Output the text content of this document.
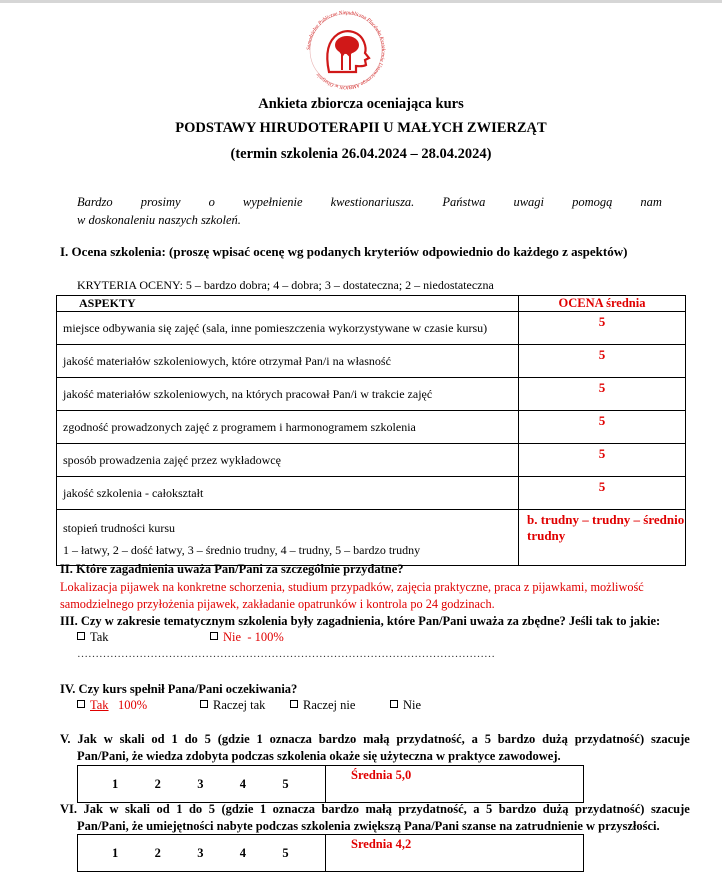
Samodzielne Publiczne Niepubliczna Placówka Kształcenia Ustawicznego AMBION w Olsztynie
Ankieta zbiorcza oceniająca kurs
PODSTAWY HIRUDOTERAPII U MAŁYCH ZWIERZĄT
(termin szkolenia 26.04.2024 – 28.04.2024)
Bardzo prosimy o wypełnienie kwestionariusza. Państwa uwagi pomogą nam
w doskonaleniu naszych szkoleń.
I. Ocena szkolenia: (proszę wpisać ocenę wg podanych kryteriów odpowiednio do każdego z aspektów)
KRYTERIA OCENY: 5 – bardzo dobra; 4 – dobra; 3 – dostateczna; 2 – niedostateczna
ASPEKTY	OCENA średnia
miejsce odbywania się zajęć (sala, inne pomieszczenia wykorzystywane w czasie kursu)	5
jakość materiałów szkoleniowych, które otrzymał Pan/i na własność	5
jakość materiałów szkoleniowych, na których pracował Pan/i w trakcie zajęć	5
zgodność prowadzonych zajęć z programem i harmonogramem szkolenia	5
sposób prowadzenia zajęć przez wykładowcę	5
jakość szkolenia - całokształt	5

stopień trudności kursu
1 – łatwy, 2 – dość łatwy, 3 – średnio trudny, 4 – trudny, 5 – bardzo trudny	b. trudny – trudny – średnio trudny
II. Które zagadnienia uważa Pan/Pani za szczególnie przydatne?
Lokalizacja pijawek na konkretne schorzenia, studium przypadków, zajęcia praktyczne, praca z pijawkami, możliwość samodzielnego przyłożenia pijawek, zakładanie opatrunków i kontrola po 24 godzinach.
III. Czy w zakresie tematycznym szkolenia były zagadnienia, które Pan/Pani uważa za zbędne? Jeśli tak to jakie:
Tak	Nie - 100%
……………………………………………………………………………………………………
IV. Czy kurs spełnił Pana/Pani oczekiwania?
Tak 100%	Raczej tak	Raczej nie	Nie
V. Jak w skali od 1 do 5 (gdzie 1 oznacza bardzo małą przydatność, a 5 bardzo dużą przydatność) szacuje
Pan/Pani, że wiedza zdobyta podczas szkolenia okaże się użyteczna w praktyce zawodowej.
1	2	3	4	5
Średnia 5,0
VI. Jak w skali od 1 do 5 (gdzie 1 oznacza bardzo małą przydatność, a 5 bardzo dużą przydatność) szacuje
Pan/Pani, że umiejętności nabyte podczas szkolenia zwiększą Pana/Pani szanse na zatrudnienie w przyszłości.
1	2	3	4	5
Srednia 4,2
